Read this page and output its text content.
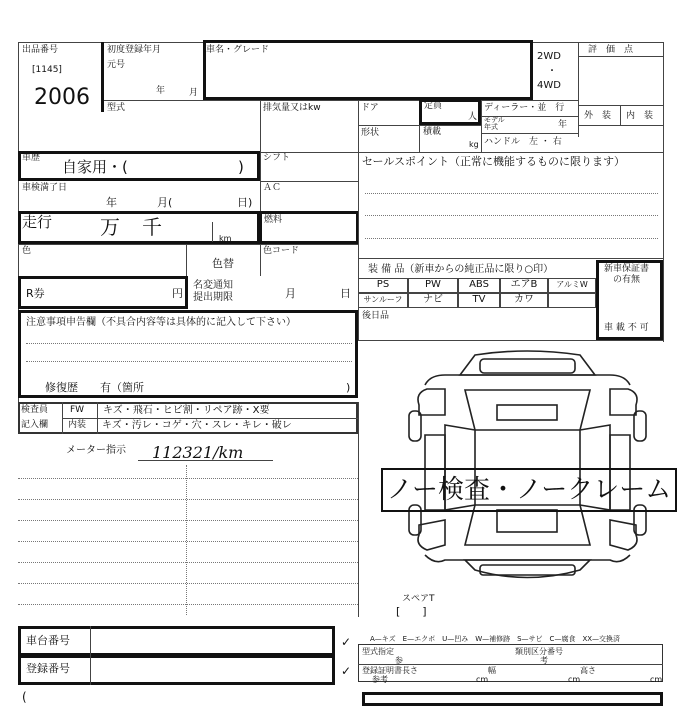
出品番号
[1145]
2006
初度登録年月
元号
年	月
車名・グレード
2WD
・
4WD
評　価　点
型式	排気量又はkw	ドア	定員
人
ディーラー・並　行
モデル
年式	年
ハンドル　左 ・ 右
形状	積載
kg
外　装 内　装
車歴 自家用・(	)
車検満了日
年	月(	日)
走行 万 千	km
色
色替
R券	円
名変通知
提出期限	月	日
注意事項申告欄（不具合内容等は具体的に記入して下さい）
修復歴　　有（箇所	)
シフト
ＡＣ
燃料
色コード
セールスポイント（正常に機能するものに限ります）
装 備 品（新車からの純正品に限り○印）
PS	PW	ABS	エアB	アルミW
サンルーフ	ナビ	TV	カワ
新車保証書
の有無
車 載 不 可
後日品
検査員
記入欄
FW キズ・飛石・ヒビ割・リペア跡・X要
内装 キズ・汚レ・コゲ・穴・スレ・キレ・破レ
メーター指示 112321/km
ノー検査・ノークレーム
スペアT
[　　]
車台番号
登録番号
✓
✓
A—キズ　E—エクボ　U—凹み　W—補修跡　S—サビ　C—腐食　XX—交換済
型式指定	類別区分番号
参	考
登録証明書 長さ	幅	高さ
参考	cm	cm	cm
(
